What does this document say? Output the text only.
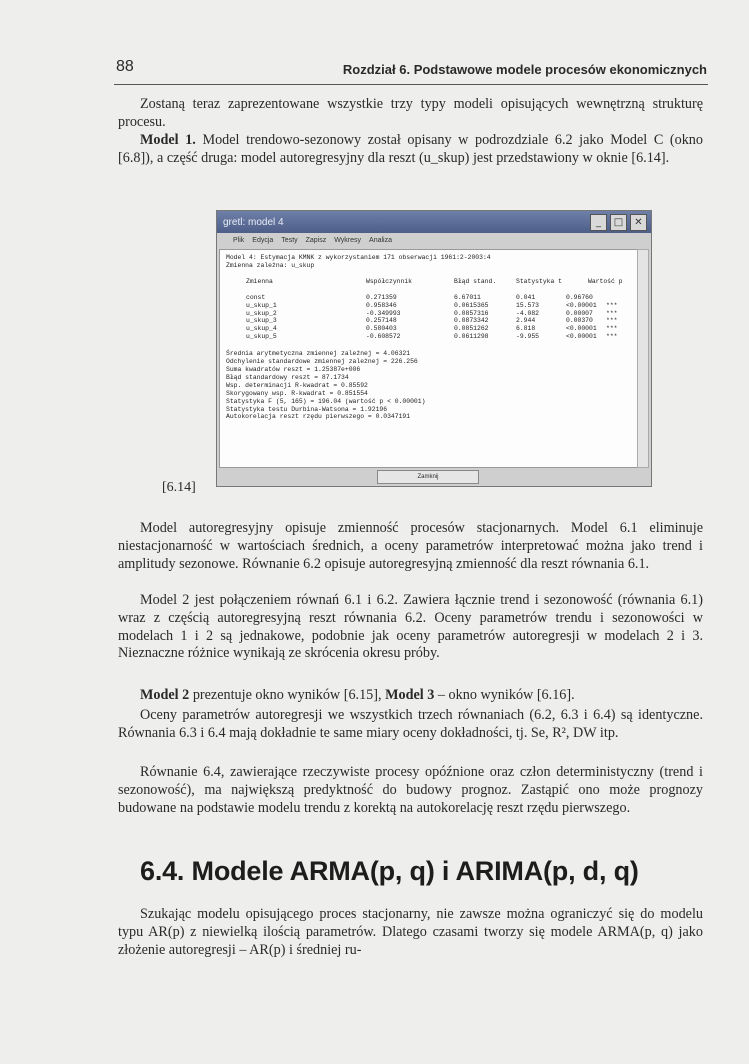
88	Rozdział 6. Podstawowe modele procesów ekonomicznych
Zostaną teraz zaprezentowane wszystkie trzy typy modeli opisujących wewnętrzną strukturę procesu.
Model 1. Model trendowo-sezonowy został opisany w podrozdziale 6.2 jako Model C (okno [6.8]), a część druga: model autoregresyjny dla reszt (u_skup) jest przedstawiony w oknie [6.14].
gretl: model 4	_	□	✕
Plik Edycja Testy Zapisz Wykresy Analiza
Model 4: Estymacja KMNK z wykorzystaniem 171 obserwacji 1961:2-2003:4
Zmienna zależna: u_skup
Zmienna	Współczynnik	Błąd stand.	Statystyka t	Wartość p
const	0.271359	6.67011	0.041	0.96760
u_skup_1	0.958346	0.0615365	15.573	<0.00001	***
u_skup_2	-0.349993	0.0857316	-4.082	0.00007	***
u_skup_3	0.257148	0.0873342	2.944	0.00370	***
u_skup_4	0.580403	0.0851262	6.818	<0.00001	***
u_skup_5	-0.608572	0.0611298	-9.955	<0.00001	***
Średnia arytmetyczna zmiennej zależnej = 4.06321
Odchylenie standardowe zmiennej zależnej = 226.256
Suma kwadratów reszt = 1.25387e+006
Błąd standardowy reszt = 87.1734
Wsp. determinacji R-kwadrat = 0.85592
Skorygowany wsp. R-kwadrat = 0.851554
Statystyka F (5, 165) = 196.04 (wartość p < 0.00001)
Statystyka testu Durbina-Watsona = 1.92196
Autokorelacja reszt rzędu pierwszego = 0.0347191
Zamknij
[6.14]
Model autoregresyjny opisuje zmienność procesów stacjonarnych. Model 6.1 eliminuje niestacjonarność w wartościach średnich, a oceny parametrów interpretować można jako trend i amplitudy sezonowe. Równanie 6.2 opisuje autoregresyjną zmienność dla reszt równania 6.1.
Model 2 jest połączeniem równań 6.1 i 6.2. Zawiera łącznie trend i sezonowość (równania 6.1) wraz z częścią autoregresyjną reszt równania 6.2. Oceny parametrów trendu i sezonowości w modelach 1 i 2 są jednakowe, podobnie jak oceny parametrów autoregresji w modelach 2 i 3. Nieznaczne różnice wynikają ze skrócenia okresu próby.
Model 2 prezentuje okno wyników [6.15], Model 3 – okno wyników [6.16].
Oceny parametrów autoregresji we wszystkich trzech równaniach (6.2, 6.3 i 6.4) są identyczne. Równania 6.3 i 6.4 mają dokładnie te same miary oceny dokładności, tj. Se, R², DW itp.
Równanie 6.4, zawierające rzeczywiste procesy opóźnione oraz człon deterministyczny (trend i sezonowość), ma największą predyktność do budowy prognoz. Zastąpić ono może prognozy budowane na podstawie modelu trendu z korektą na autokorelację reszt rzędu pierwszego.
6.4. Modele ARMA(p, q) i ARIMA(p, d, q)
Szukając modelu opisującego proces stacjonarny, nie zawsze można ograniczyć się do modelu typu AR(p) z niewielką ilością parametrów. Dlatego czasami tworzy się modele ARMA(p, q) jako złożenie autoregresji – AR(p) i średniej ru-
